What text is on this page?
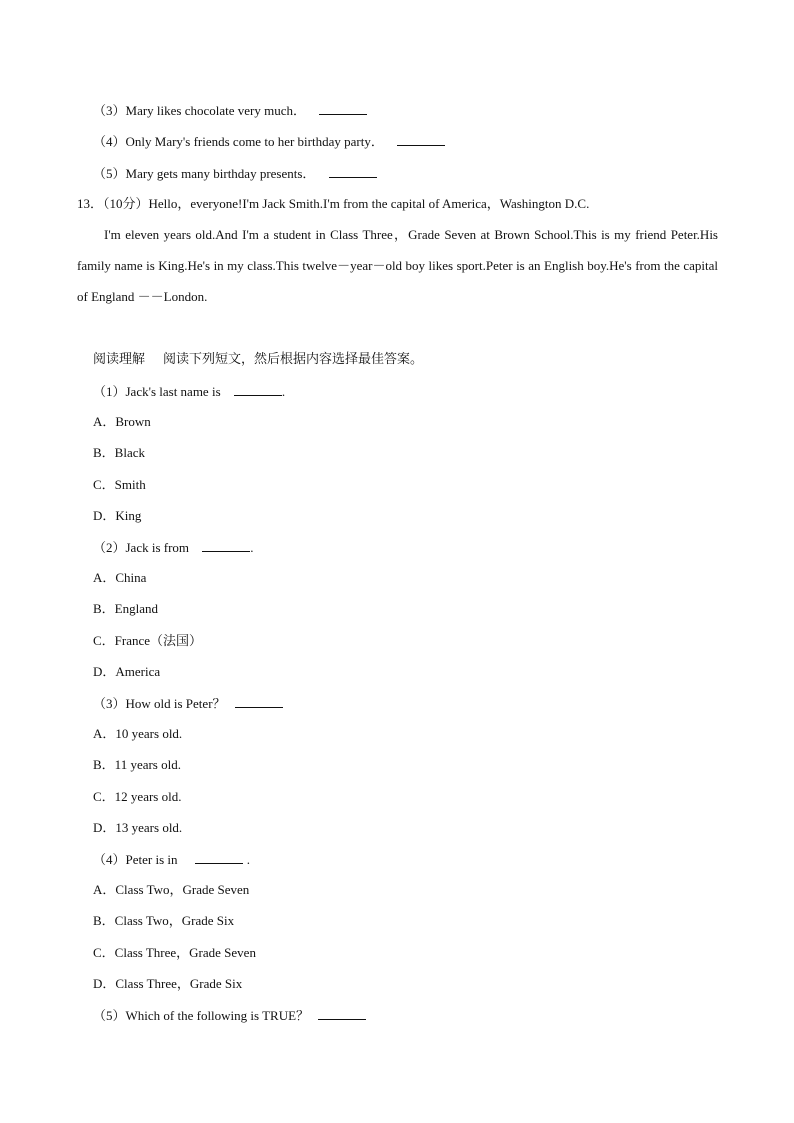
（3）Mary likes chocolate very much．
（4）Only Mary's friends come to her birthday party．
（5）Mary gets many birthday presents．
13．（10分）Hello，everyone!I'm Jack Smith.I'm from the capital of America，Washington D.C.
I'm eleven years old.And I'm a student in Class Three，Grade Seven at Brown School.This is my friend Peter.His family name is King.He's in my class.This twelve－year－old boy likes sport.Peter is an English boy.He's from the capital of England －－London.
阅读理解 阅读下列短文，然后根据内容选择最佳答案。
（1）Jack's last name is	.
A．Brown
B．Black
C．Smith
D．King
（2）Jack is from	.
A．China
B．England
C．France（法国）
D．America
（3）How old is Peter？
A．10 years old.
B．11 years old.
C．12 years old.
D．13 years old.
（4）Peter is in	.
A．Class Two，Grade Seven
B．Class Two，Grade Six
C．Class Three，Grade Seven
D．Class Three，Grade Six
（5）Which of the following is TRUE？
